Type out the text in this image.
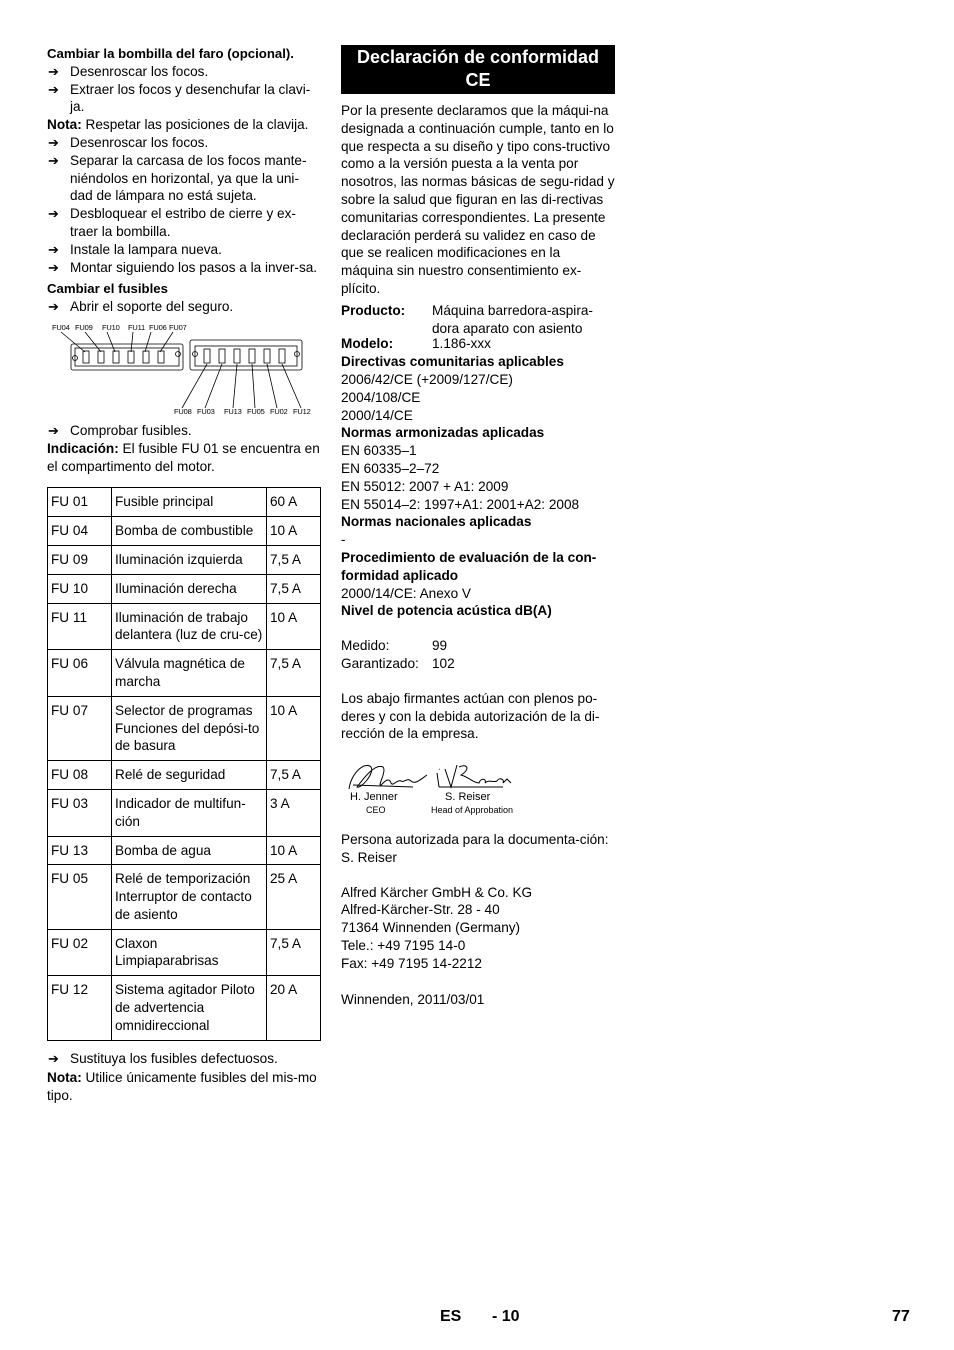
Cambiar la bombilla del faro (opcional).

➔ Desenroscar los focos.
➔ Extraer los focos y desenchufar la clavi-ja.

Nota: Respetar las posiciones de la clavija.

➔ Desenroscar los focos.
➔ Separar la carcasa de los focos mante-niéndolos en horizontal, ya que la uni-dad de lámpara no está sujeta.
➔ Desbloquear el estribo de cierre y ex-traer la bombilla.
➔ Instale la lampara nueva.
➔ Montar siguiendo los pasos a la inver-sa.

Cambiar el fusibles

➔ Abrir el soporte del seguro.
FU04 FU09 FU10 FU11 FU06 FU07
FU08 FU03 FU13 FU05 FU02 FU12
➔ Comprobar fusibles.

Indicación: El fusible FU 01 se encuentra en el compartimento del motor.

FU 01	Fusible principal	60 A
FU 04	Bomba de combustible	10 A
FU 09	Iluminación izquierda	7,5 A
FU 10	Iluminación derecha	7,5 A
FU 11	Iluminación de trabajo delantera (luz de cru-ce)	10 A
FU 06	Válvula magnética de marcha	7,5 A
FU 07	Selector de programas Funciones del depósi-to de basura	10 A
FU 08	Relé de seguridad	7,5 A
FU 03	Indicador de multifun-ción	3 A
FU 13	Bomba de agua	10 A
FU 05	Relé de temporización Interruptor de contacto de asiento	25 A
FU 02	Claxon Limpiaparabrisas	7,5 A
FU 12	Sistema agitador Piloto de advertencia omnidireccional	20 A
➔ Sustituya los fusibles defectuosos.

Nota: Utilice únicamente fusibles del mis-mo tipo.

Declaración de conformidad CE

Por la presente declaramos que la máqui-na designada a continuación cumple, tanto en lo que respecta a su diseño y tipo cons-tructivo como a la versión puesta a la venta por nosotros, las normas básicas de segu-ridad y sobre la salud que figuran en las di-rectivas comunitarias correspondientes. La presente declaración perderá su validez en caso de que se realicen modificaciones en la máquina sin nuestro consentimiento ex-plícito.

Producto:	Máquina barredora-aspira-dora aparato con asiento
Modelo:	1.186-xxx

Directivas comunitarias aplicables

2006/42/CE (+2009/127/CE)
2004/108/CE
2000/14/CE

Normas armonizadas aplicadas

EN 60335–1
EN 60335–2–72
EN 55012: 2007 + A1: 2009
EN 55014–2: 1997+A1: 2001+A2: 2008

Normas nacionales aplicadas

-

Procedimiento de evaluación de la con-formidad aplicado

2000/14/CE: Anexo V

Nivel de potencia acústica dB(A)

Medido:	99
Garantizado: 102

Los abajo firmantes actúan con plenos po-deres y con la debida autorización de la di-rección de la empresa.

H. Jenner
CEO
S. Reiser
Head of Approbation

Persona autorizada para la documenta-ción:

S. Reiser
Alfred Kärcher GmbH & Co. KG
Alfred-Kärcher-Str. 28 - 40
71364 Winnenden (Germany)
Tele.: +49 7195 14-0
Fax: +49 7195 14-2212
Winnenden, 2011/03/01
ES - 10	77
